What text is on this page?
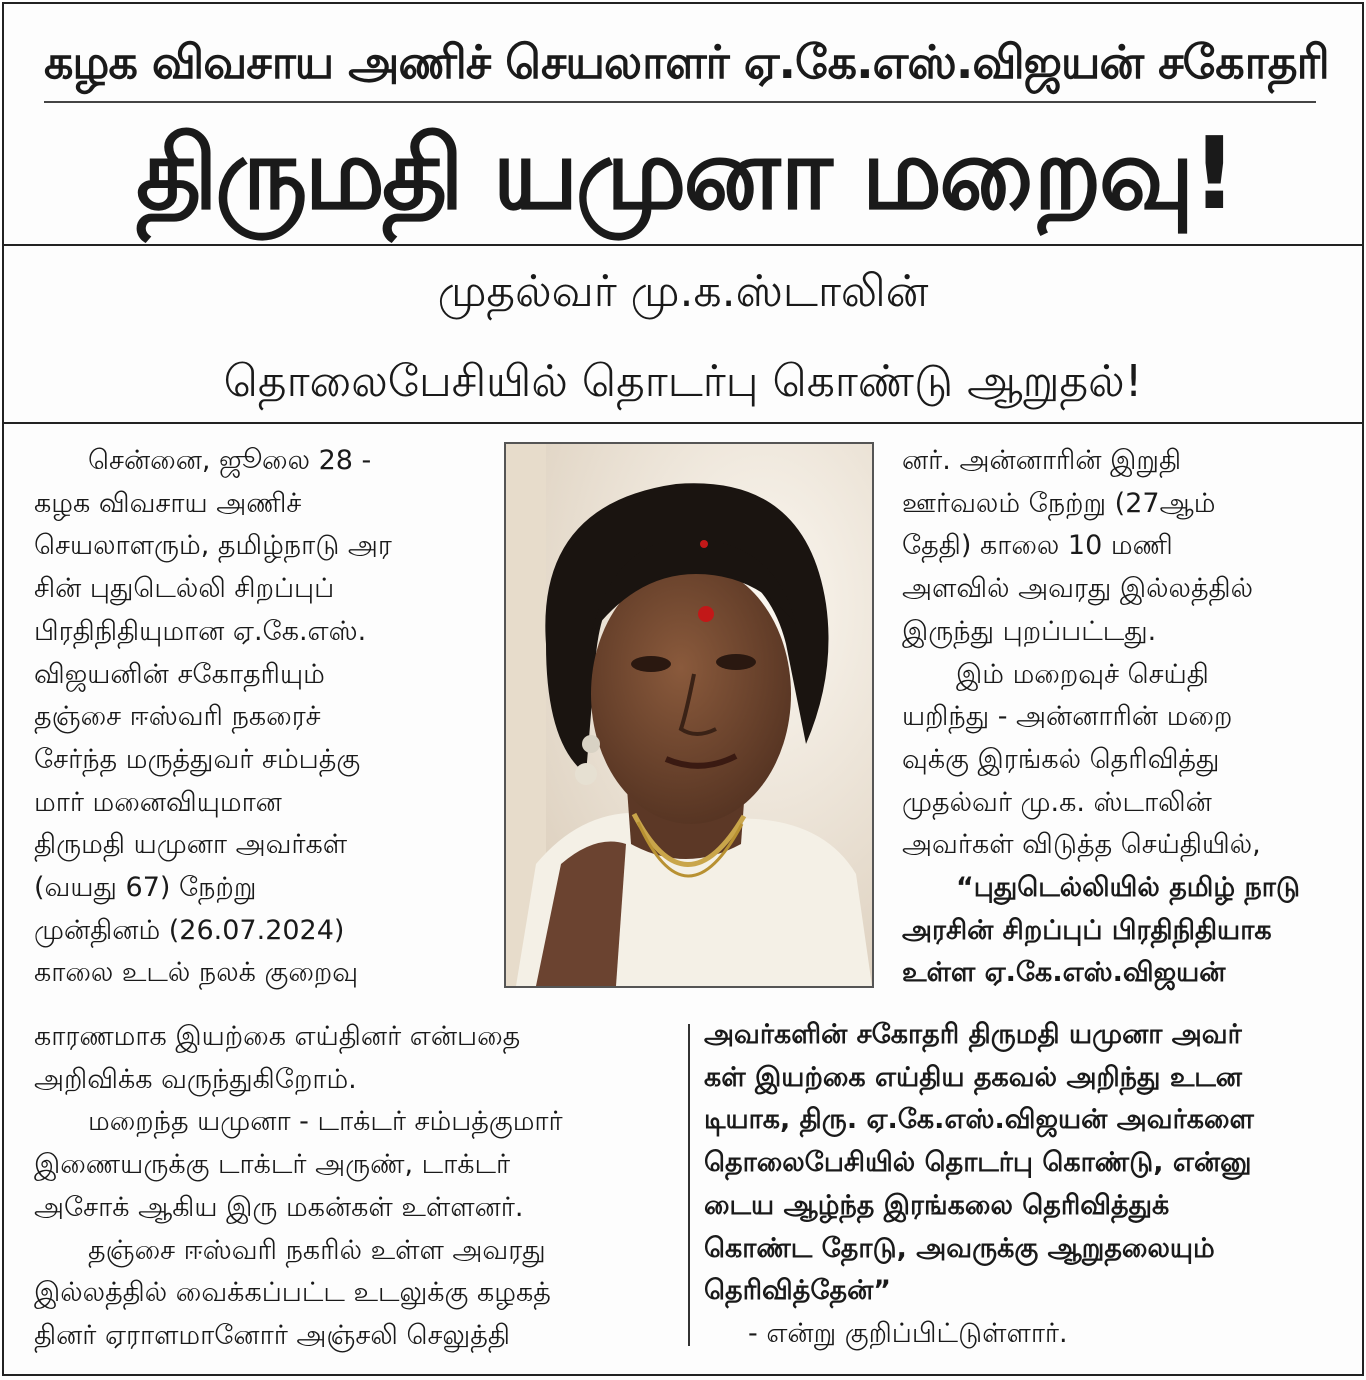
கழக விவசாய அணிச் செயலாளர் ஏ.கே.எஸ்.விஜயன் சகோதரி
திருமதி யமுனா மறைவு!
முதல்வர் மு.க.ஸ்டாலின்
தொலைபேசியில் தொடர்பு கொண்டு ஆறுதல்!

சென்னை, ஜூலை 28 -

கழக விவசாய அணிச்

செயலாளரும், தமிழ்நாடு அர

சின் புதுடெல்லி சிறப்புப்

பிரதிநிதியுமான ஏ.கே.எஸ்.

விஜயனின் சகோதரியும்

தஞ்சை ஈஸ்வரி நகரைச்

சேர்ந்த மருத்துவர் சம்பத்கு

மார் மனைவியுமான

திருமதி யமுனா அவர்கள்

(வயது 67) நேற்று

முன்தினம் (26.07.2024)

காலை உடல் நலக் குறைவு

னர். அன்னாரின் இறுதி

ஊர்வலம் நேற்று (27ஆம்

தேதி) காலை 10 மணி

அளவில் அவரது இல்லத்தில்

இருந்து புறப்பட்டது.

இம் மறைவுச் செய்தி

யறிந்து - அன்னாரின் மறை

வுக்கு இரங்கல் தெரிவித்து

முதல்வர் மு.க. ஸ்டாலின்

அவர்கள் விடுத்த செய்தியில்,

“புதுடெல்லியில் தமிழ் நாடு

அரசின் சிறப்புப் பிரதிநிதியாக

உள்ள ஏ.கே.எஸ்.விஜயன்

காரணமாக இயற்கை எய்தினர் என்பதை

அறிவிக்க வருந்துகிறோம்.

மறைந்த யமுனா - டாக்டர் சம்பத்குமார்

இணையருக்கு டாக்டர் அருண், டாக்டர்

அசோக் ஆகிய இரு மகன்கள் உள்ளனர்.

தஞ்சை ஈஸ்வரி நகரில் உள்ள அவரது

இல்லத்தில் வைக்கப்பட்ட உடலுக்கு கழகத்

தினர் ஏராளமானோர் அஞ்சலி செலுத்தி

அவர்களின் சகோதரி திருமதி யமுனா அவர்

கள் இயற்கை எய்திய தகவல் அறிந்து உடன

டியாக, திரு. ஏ.கே.எஸ்.விஜயன் அவர்களை

தொலைபேசியில் தொடர்பு கொண்டு, என்னு

டைய ஆழ்ந்த இரங்கலை தெரிவித்துக்

கொண்ட தோடு, அவருக்கு ஆறுதலையும்

தெரிவித்தேன்”

- என்று குறிப்பிட்டுள்ளார்.
